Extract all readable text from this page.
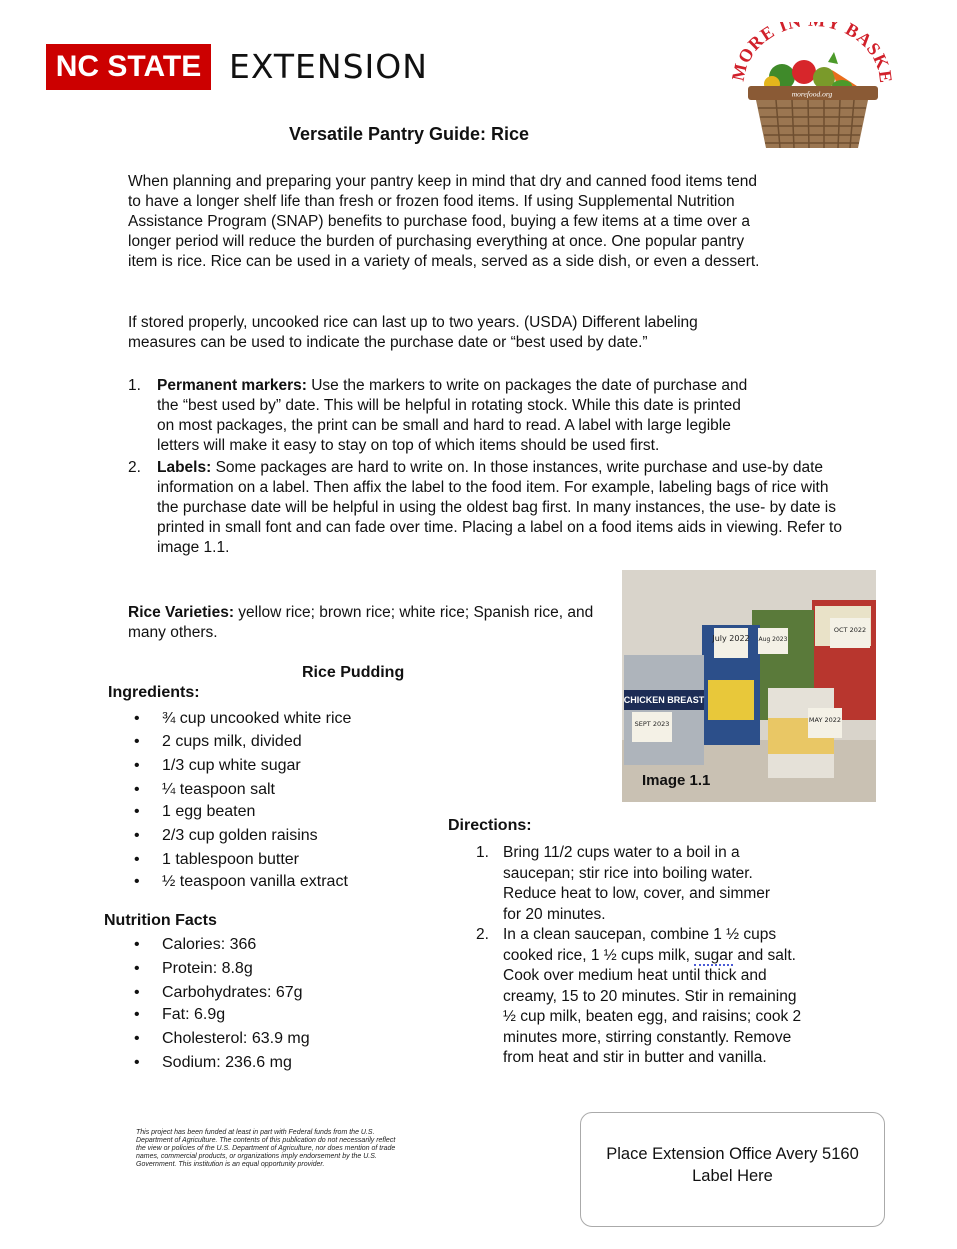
NC STATE EXTENSION	ORE I Y BASK
morefood.org
Versatile Pantry Guide: Rice
When planning and preparing your pantry keep in mind that dry and canned food items tend to have a longer shelf life than fresh or frozen food items. If using Supplemental Nutrition Assistance Program (SNAP) benefits to purchase food, buying a few items at a time over a longer period will reduce the burden of purchasing everything at once. One popular pantry item is rice. Rice can be used in a variety of meals, served as a side dish, or even a dessert.
If stored properly, uncooked rice can last up to two years. (USDA) Different labeling measures can be used to indicate the purchase date or “best used by date.”
1.	Permanent markers: Use the markers to write on packages the date of purchase and the “best used by” date. This will be helpful in rotating stock. While this date is printed on most packages, the print can be small and hard to read. A label with large legible letters will make it easy to stay on top of which items should be used first.
2.	Labels: Some packages are hard to write on. In those instances, write purchase and use-by date information on a label. Then affix the label to the food item. For example, labeling bags of rice with the purchase date will be helpful in using the oldest bag first. In many instances, the use- by date is printed in small font and can fade over time. Placing a label on a food items aids in viewing. Refer to image 1.1.
July 2022 Aug 2023
OCT 2022
SEPT 2023	MAY 2022
CHICKEN BREAST
Image 1.1
Rice Varieties: yellow rice; brown rice; white rice; Spanish rice, and many others.
Rice Pudding
Ingredients:
• ¾ cup uncooked white rice
• 2 cups milk, divided
• 1/3 cup white sugar
• ¼ teaspoon salt
• 1 egg beaten
• 2/3 cup golden raisins
• 1 tablespoon butter
• ½ teaspoon vanilla extract
Directions:
1. Bring 11/2 cups water to a boil in a saucepan; stir rice into boiling water. Reduce heat to low, cover, and simmer for 20 minutes.
2. In a clean saucepan, combine 1 ½ cups cooked rice, 1 ½ cups milk, sugar and salt. Cook over medium heat until thick and creamy, 15 to 20 minutes. Stir in remaining ½ cup milk, beaten egg, and raisins; cook 2 minutes more, stirring constantly. Remove from heat and stir in butter and vanilla.
Nutrition Facts
• Calories: 366
• Protein: 8.8g
• Carbohydrates: 67g
• Fat: 6.9g
• Cholesterol: 63.9 mg
• Sodium: 236.6 mg
This project has been funded at least in part with Federal funds from the U.S. Department of Agriculture. The contents of this publication do not necessarily reflect the view or policies of the U.S. Department of Agriculture, nor does mention of trade names, commercial products, or organizations imply endorsement by the U.S. Government. This institution is an equal opportunity provider.
Place Extension Office Avery 5160
Label Here
